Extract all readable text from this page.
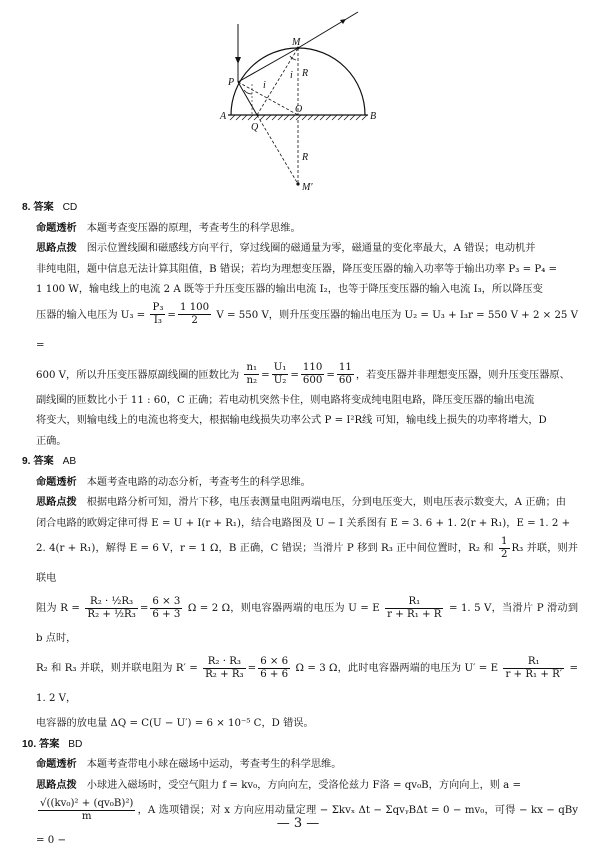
M
P
R
i
i
O
A	B
Q
R
M′
8. 答案 CD
命题透析 本题考查变压器的原理，考查考生的科学思维。
思路点拨 图示位置线圈和磁感线方向平行，穿过线圈的磁通量为零，磁通量的变化率最大，A 错误；电动机并
非纯电阻，题中信息无法计算其阻值，B 错误；若均为理想变压器，降压变压器的输入功率等于输出功率 P₃ = P₄ =
1 100 W，输电线上的电流 2 A 既等于升压变压器的输出电流 I₂，也等于降压变压器的输入电流 I₃，所以降压变
压器的输入电压为 $U_3 = \frac{\text{P₃}}{\text{I₃}} = \frac{1 100}{2}$ V = 550 V，则升压变压器的输出电压为 U₂ = U₃ + I₃r = 550 V + 2 × 25 V =
600 V，所以升压变压器原副线圈的匝数比为 $\frac{\text{n₁}}{\text{n₂}} = \frac{\text{U₁}}{\text{U₂}} = \frac{110}{600} = \frac{11}{60}$ ，若变压器并非理想变压器，则升压变压器原、
副线圈的匝数比小于 11 : 60，C 正确；若电动机突然卡住，则电路将变成纯电阻电路，降压变压器的输出电流
将变大，则输电线上的电流也将变大，根据输电线损失功率公式 P = I²R线 可知，输电线上损失的功率将增大，D
正确。
9. 答案 AB
命题透析 本题考查电路的动态分析，考查考生的科学思维。
思路点拨 根据电路分析可知，滑片下移，电压表测量电阻两端电压，分到电压变大，则电压表示数变大，A 正确；由
闭合电路的欧姆定律可得 E = U + I(r + R₁)，结合电路图及 U − I 关系图有 E = 3. 6 + 1. 2(r + R₁)，E = 1. 2 +
2. 4(r + R₁)，解得 E = 6 V，r = 1 Ω，B 正确，C 错误；当滑片 P 移到 R₃ 正中间位置时，R₂ 和 $\frac{1}{2} R_3$ 并联，则并联电
阻为 $R = \frac{\text{R₂ · ½R₃}}{\text{R₂ + ½R₃}} = \frac{6 \times 3}{6 + 3}$ Ω = 2 Ω，则电容器两端的电压为 U = E $\frac{\text{R₁}}{\text{r + R₁ + R}} = 1$. 5 V，当滑片 P 滑动到 b 点时，
R₂ 和 R₃ 并联，则并联电阻为 $R' = \frac{\text{R₂ · R₃}}{\text{R₂ + R₃}} = \frac{6 \times 6}{6 + 6}$ Ω = 3 Ω，此时电容器两端的电压为 U′ = E $\frac{\text{R₁}}{\text{r + R₁ + R′}} = 1$. 2 V，
电容器的放电量 ΔQ = C(U − U′) = 6 × 10⁻⁵ C，D 错误。
10. 答案 BD
命题透析 本题考查带电小球在磁场中运动，考查考生的科学思维。
思路点拨 小球进入磁场时，受空气阻力 f = kv₀，方向向左，受洛伦兹力 F洛 = qv₀B，方向向上，则 a =
$\frac{\text{√((kv₀)² + (qv₀B)²)}}{m}$ ，A 选项错误；对 x 方向应用动量定理 − Σkvₓ Δt − ΣqvᵧBΔt = 0 − mv₀，可得 − kx − qBy = 0 −
— 3 —
